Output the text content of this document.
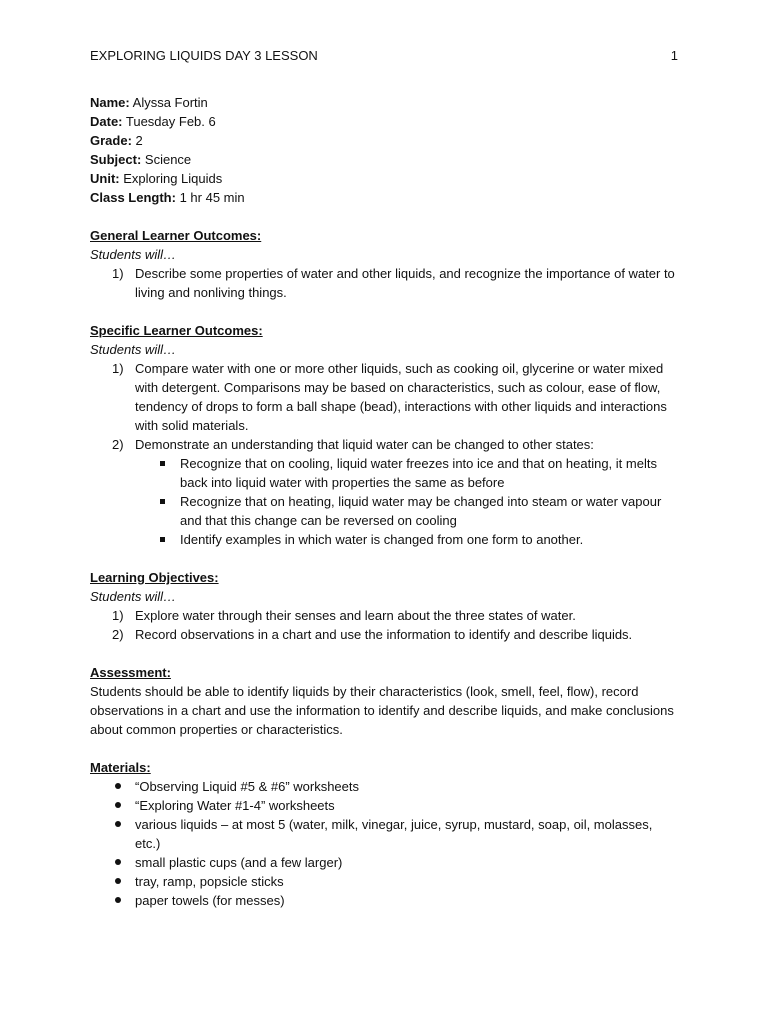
EXPLORING LIQUIDS DAY 3 LESSON	1

Name: Alyssa Fortin

Date: Tuesday Feb. 6

Grade: 2

Subject: Science

Unit: Exploring Liquids

Class Length: 1 hr 45 min

General Learner Outcomes:

Students will…

1) Describe some properties of water and other liquids, and recognize the importance of water to living and nonliving things.

Specific Learner Outcomes:

Students will…

1) Compare water with one or more other liquids, such as cooking oil, glycerine or water mixed with detergent. Comparisons may be based on characteristics, such as colour, ease of flow, tendency of drops to form a ball shape (bead), interactions with other liquids and interactions with solid materials.
2) Demonstrate an understanding that liquid water can be changed to other states:
Recognize that on cooling, liquid water freezes into ice and that on heating, it melts back into liquid water with properties the same as before
Recognize that on heating, liquid water may be changed into steam or water vapour and that this change can be reversed on cooling
Identify examples in which water is changed from one form to another.

Learning Objectives:

Students will…

1) Explore water through their senses and learn about the three states of water.
2) Record observations in a chart and use the information to identify and describe liquids.

Assessment:

Students should be able to identify liquids by their characteristics (look, smell, feel, flow), record observations in a chart and use the information to identify and describe liquids, and make conclusions about common properties or characteristics.

Materials:

“Observing Liquid #5 & #6” worksheets
“Exploring Water #1-4” worksheets
various liquids – at most 5 (water, milk, vinegar, juice, syrup, mustard, soap, oil, molasses, etc.)
small plastic cups (and a few larger)
tray, ramp, popsicle sticks
paper towels (for messes)
